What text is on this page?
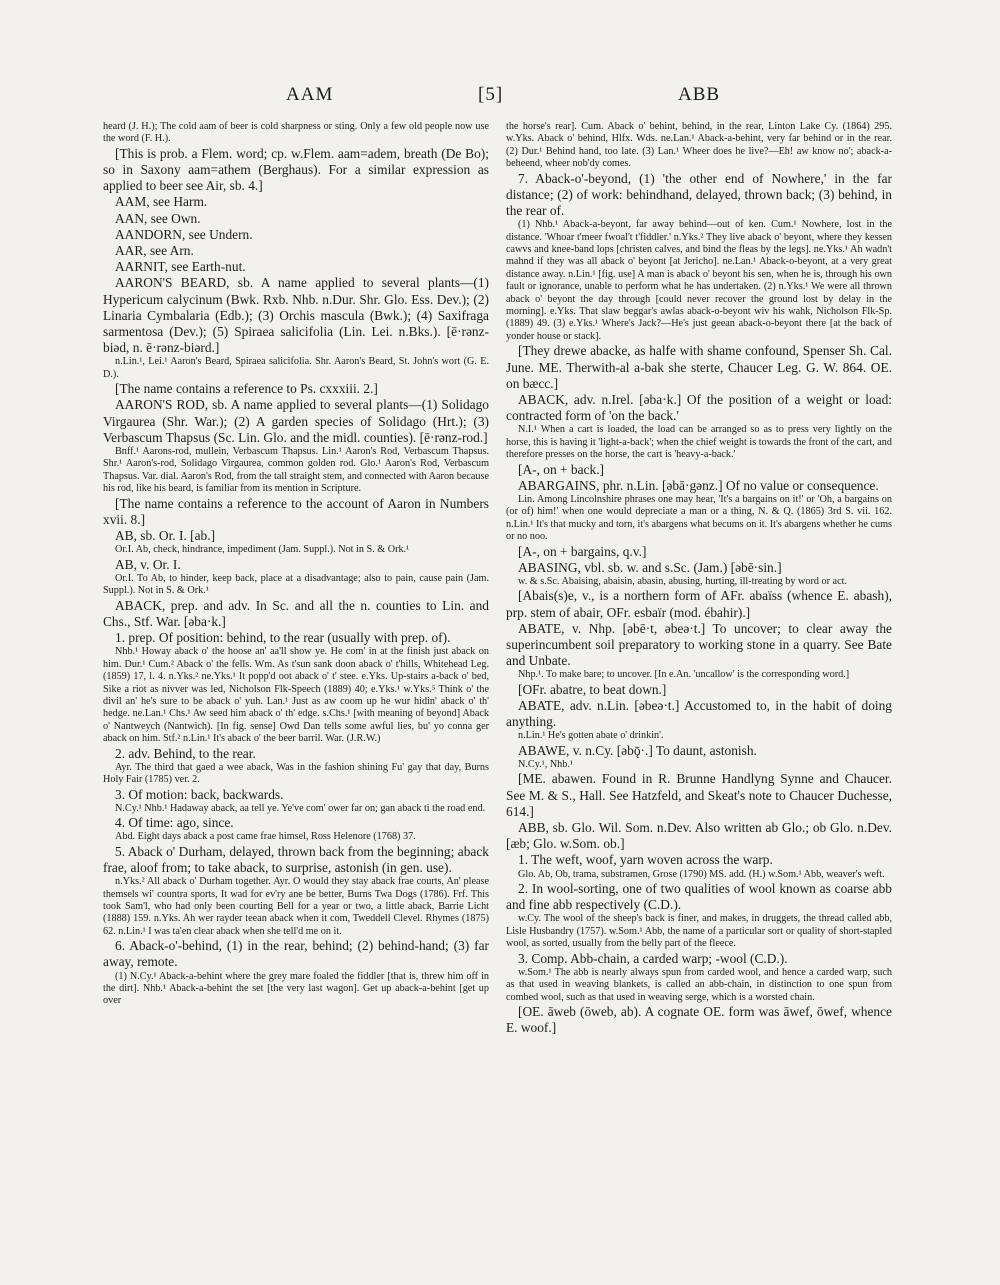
AAM	[5]	ABB

heard (J. H.); The cold aam of beer is cold sharpness or sting. Only a few old people now use the word (F. H.).

[This is prob. a Flem. word; cp. w.Flem. aam=adem, breath (De Bo); so in Saxony aam=athem (Berghaus). For a similar expression as applied to beer see Air, sb. 4.]

AAM, see Harm.

AAN, see Own.

AANDORN, see Undern.

AAR, see Arn.

AARNIT, see Earth-nut.

AARON'S BEARD, sb. A name applied to several plants—(1) Hypericum calycinum (Bwk. Rxb. Nhb. n.Dur. Shr. Glo. Ess. Dev.); (2) Linaria Cymbalaria (Edb.); (3) Orchis mascula (Bwk.); (4) Saxifraga sarmentosa (Dev.); (5) Spiraea salicifolia (Lin. Lei. n.Bks.). [ē·rənz-biəd, n. ē·rənz-biərd.]

n.Lin.¹, Lei.¹ Aaron's Beard, Spiraea salicifolia. Shr. Aaron's Beard, St. John's wort (G. E. D.).

[The name contains a reference to Ps. cxxxiii. 2.]

AARON'S ROD, sb. A name applied to several plants—(1) Solidago Virgaurea (Shr. War.); (2) A garden species of Solidago (Hrt.); (3) Verbascum Thapsus (Sc. Lin. Glo. and the midl. counties). [ē·rənz-rod.]

Bnff.¹ Aarons-rod, mullein, Verbascum Thapsus. Lin.¹ Aaron's Rod, Verbascum Thapsus. Shr.¹ Aaron's-rod, Solidago Virgaurea, common golden rod. Glo.¹ Aaron's Rod, Verbascum Thapsus. Var. dial. Aaron's Rod, from the tall straight stem, and connected with Aaron because his rod, like his beard, is familiar from its mention in Scripture.

[The name contains a reference to the account of Aaron in Numbers xvii. 8.]

AB, sb. Or. I. [ab.]

Or.I. Ab, check, hindrance, impediment (Jam. Suppl.). Not in S. & Ork.¹

AB, v. Or. I.

Or.I. To Ab, to hinder, keep back, place at a disadvantage; also to pain, cause pain (Jam. Suppl.). Not in S. & Ork.¹

ABACK, prep. and adv. In Sc. and all the n. counties to Lin. and Chs., Stf. War. [əba·k.]

1. prep. Of position: behind, to the rear (usually with prep. of).

Nhb.¹ Howay aback o' the hoose an' aa'll show ye. He com' in at the finish just aback on him. Dur.¹ Cum.² Aback o' the fells. Wm. As t'sun sank doon aback o' t'hills, Whitehead Leg. (1859) 17, l. 4. n.Yks.² ne.Yks.¹ It popp'd oot aback o' t' stee. e.Yks. Up-stairs a-back o' bed, Sike a riot as nivver was led, Nicholson Flk-Speech (1889) 40; e.Yks.¹ w.Yks.⁵ Think o' the divil an' he's sure to be aback o' yuh. Lan.¹ Just as aw coom up he wur hidin' aback o' th' hedge. ne.Lan.¹ Chs.¹ Aw seed him aback o' th' edge. s.Chs.¹ [with meaning of beyond] Aback o' Nantweych (Nantwich). [In fig. sense] Owd Dan tells some awful lies, bu' yo conna ger aback on him. Stf.² n.Lin.¹ It's aback o' the beer barril. War. (J.R.W.)

2. adv. Behind, to the rear.

Ayr. The third that gaed a wee aback, Was in the fashion shining Fu' gay that day, Burns Holy Fair (1785) ver. 2.

3. Of motion: back, backwards.

N.Cy.¹ Nhb.¹ Hadaway aback, aa tell ye. Ye've com' ower far on; gan aback ti the road end.

4. Of time: ago, since.

Abd. Eight days aback a post came frae himsel, Ross Helenore (1768) 37.

5. Aback o' Durham, delayed, thrown back from the beginning; aback frae, aloof from; to take aback, to surprise, astonish (in gen. use).

n.Yks.² All aback o' Durham together. Ayr. O would they stay aback frae courts, An' please themsels wi' countra sports, It wad for ev'ry ane be better, Burns Twa Dogs (1786). Frf. This took Sam'l, who had only been courting Bell for a year or two, a little aback, Barrie Licht (1888) 159. n.Yks. Ah wer rayder teean aback when it com, Tweddell Clevel. Rhymes (1875) 62. n.Lin.¹ I was ta'en clear aback when she tell'd me on it.

6. Aback-o'-behind, (1) in the rear, behind; (2) behind-hand; (3) far away, remote.

(1) N.Cy.¹ Aback-a-behint where the grey mare foaled the fiddler [that is, threw him off in the dirt]. Nhb.¹ Aback-a-behint the set [the very last wagon]. Get up aback-a-behint [get up over

the horse's rear]. Cum. Aback o' behint, behind, in the rear, Linton Lake Cy. (1864) 295. w.Yks. Aback o' behind, Hlfx. Wds. ne.Lan.¹ Aback-a-behint, very far behind or in the rear. (2) Dur.¹ Behind hand, too late. (3) Lan.¹ Wheer does he live?—Eh! aw know no'; aback-a-beheend, wheer nob'dy comes.

7. Aback-o'-beyond, (1) 'the other end of Nowhere,' in the far distance; (2) of work: behindhand, delayed, thrown back; (3) behind, in the rear of.

(1) Nhb.¹ Aback-a-beyont, far away behind—out of ken. Cum.¹ Nowhere, lost in the distance. 'Whoar t'meer fwoal't t'fiddler.' n.Yks.² They live aback o' beyont, where they kessen cawvs and knee-band lops [christen calves, and bind the fleas by the legs]. ne.Yks.¹ Ah wadn't mahnd if they was all aback o' beyont [at Jericho]. ne.Lan.¹ Aback-o-beyont, at a very great distance away. n.Lin.¹ [fig. use] A man is aback o' beyont his sen, when he is, through his own fault or ignorance, unable to perform what he has undertaken. (2) n.Yks.¹ We were all thrown aback o' beyont the day through [could never recover the ground lost by delay in the morning]. e.Yks. That slaw beggar's awlas aback-o-beyont wiv his wahk, Nicholson Flk-Sp. (1889) 49. (3) e.Yks.¹ Where's Jack?—He's just geean aback-o-beyont there [at the back of yonder house or stack].

[They drewe abacke, as halfe with shame confound, Spenser Sh. Cal. June. ME. Therwith-al a-bak she sterte, Chaucer Leg. G. W. 864. OE. on bæcc.]

ABACK, adv. n.Irel. [əba·k.] Of the position of a weight or load: contracted form of 'on the back.'

N.I.¹ When a cart is loaded, the load can be arranged so as to press very lightly on the horse, this is having it 'light-a-back'; when the chief weight is towards the front of the cart, and therefore presses on the horse, the cart is 'heavy-a-back.'

[A-, on + back.]

ABARGAINS, phr. n.Lin. [əbā·gənz.] Of no value or consequence.

Lin. Among Lincolnshire phrases one may hear, 'It's a bargains on it!' or 'Oh, a bargains on (or of) him!' when one would depreciate a man or a thing, N. & Q. (1865) 3rd S. vii. 162. n.Lin.¹ It's that mucky and torn, it's abargens what becums on it. It's abargens whether he cums or no noo.

[A-, on + bargains, q.v.]

ABASING, vbl. sb. w. and s.Sc. (Jam.) [əbē·sin.]

w. & s.Sc. Abaising, abaisin, abasin, abusing, hurting, ill-treating by word or act.

[Abais(s)e, v., is a northern form of AFr. abaïss (whence E. abash), prp. stem of abair, OFr. esbaïr (mod. ébahir).]

ABATE, v. Nhp. [əbē·t, əbeə·t.] To uncover; to clear away the superincumbent soil preparatory to working stone in a quarry. See Bate and Unbate.

Nhp.¹. To make bare; to uncover. [In e.An. 'uncallow' is the corresponding word.]

[OFr. abatre, to beat down.]

ABATE, adv. n.Lin. [əbeə·t.] Accustomed to, in the habit of doing anything.

n.Lin.¹ He's gotten abate o' drinkin'.

ABAWE, v. n.Cy. [əbǭ·.] To daunt, astonish.

N.Cy.¹, Nhb.¹

[ME. abawen. Found in R. Brunne Handlyng Synne and Chaucer. See M. & S., Hall. See Hatzfeld, and Skeat's note to Chaucer Duchesse, 614.]

ABB, sb. Glo. Wil. Som. n.Dev. Also written ab Glo.; ob Glo. n.Dev. [æb; Glo. w.Som. ob.]

1. The weft, woof, yarn woven across the warp.

Glo. Ab, Ob, trama, substramen, Grose (1790) MS. add. (H.) w.Som.¹ Abb, weaver's weft.

2. In wool-sorting, one of two qualities of wool known as coarse abb and fine abb respectively (C.D.).

w.Cy. The wool of the sheep's back is finer, and makes, in druggets, the thread called abb, Lisle Husbandry (1757). w.Som.¹ Abb, the name of a particular sort or quality of short-stapled wool, as sorted, usually from the belly part of the fleece.

3. Comp. Abb-chain, a carded warp; -wool (C.D.).

w.Som.¹ The abb is nearly always spun from carded wool, and hence a carded warp, such as that used in weaving blankets, is called an abb-chain, in distinction to one spun from combed wool, such as that used in weaving serge, which is a worsted chain.

[OE. āweb (ōweb, ab). A cognate OE. form was āwef, ōwef, whence E. woof.]
